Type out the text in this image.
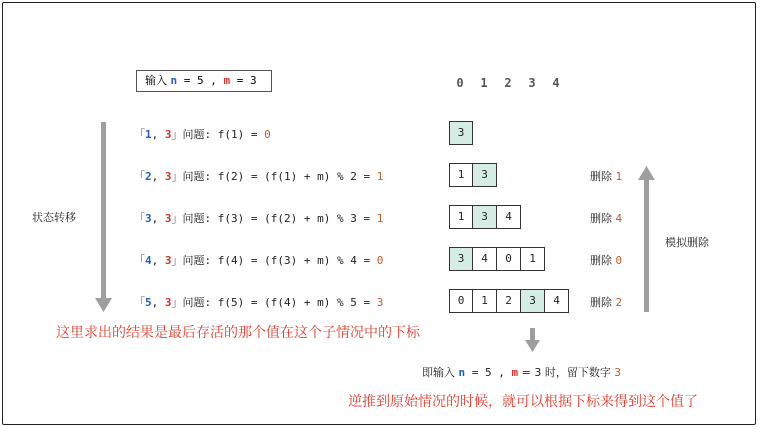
输入 n = 5 , m = 3	0	1	2	3	4
「1, 3」问题: f(1) = 0
「2, 3」问题: f(2) = (f(1) + m) % 2 = 1
「3, 3」问题: f(3) = (f(2) + m) % 3 = 1
「4, 3」问题: f(4) = (f(3) + m) % 4 = 0
「5, 3」问题: f(5) = (f(4) + m) % 5 = 3
3
1	3
1	3	4
3	4	0	1
0	1	2	3	4
删除 1
删除 4
删除 0
删除 2
状态转移
模拟删除
这里求出的结果是最后存活的那个值在这个子情况中的下标
即输入 n = 5 , m = 3 时，留下数字 3
逆推到原始情况的时候，就可以根据下标来得到这个值了
